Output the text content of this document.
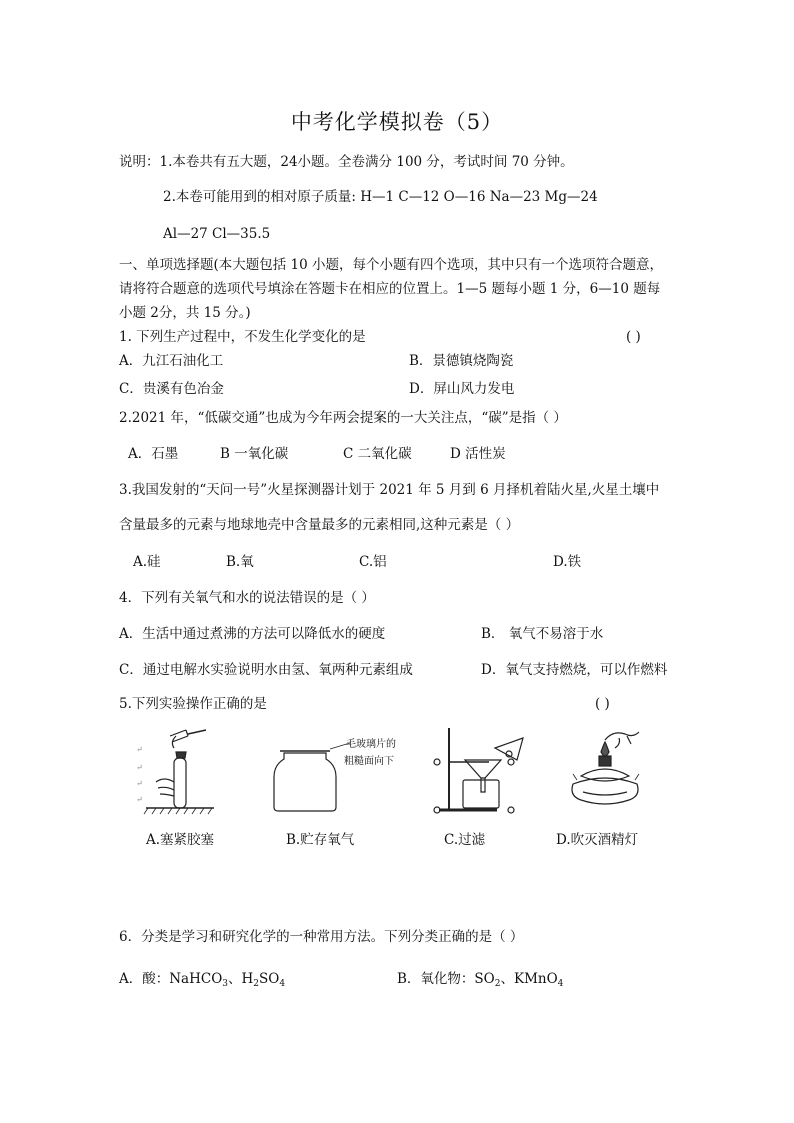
中考化学模拟卷（5）
说明：1.本卷共有五大题，24小题。全卷满分 100 分，考试时间 70 分钟。
2.本卷可能用到的相对原子质量: H—1 C—12 O—16 Na—23 Mg—24
Al—27 Cl—35.5
一、单项选择题(本大题包括 10 小题，每个小题有四个选项，其中只有一个选项符合题意，
请将符合题意的选项代号填涂在答题卡在相应的位置上。1—5 题每小题 1 分，6—10 题每
小题 2分，共 15 分。)
1. 下列生产过程中，不发生化学变化的是	( )
A．九江石油化工	B．景德镇烧陶瓷
C．贵溪有色冶金	D．屏山风力发电
2.2021 年，“低碳交通”也成为今年两会提案的一大关注点，“碳”是指（ ）
A．石墨	B 一氧化碳	C 二氧化碳	D 活性炭
3.我国发射的“天问一号”火星探测器计划于 2021 年 5 月到 6 月择机着陆火星,火星土壤中
含量最多的元素与地球地壳中含量最多的元素相同,这种元素是（ ）
A.硅	B.氧	C.铝	D.铁
4．下列有关氧气和水的说法错误的是（ ）
A．生活中通过煮沸的方法可以降低水的硬度	B． 氧气不易溶于水
C．通过电解水实验说明水由氢、氧两种元素组成	D．氧气支持燃烧，可以作燃料
5.下列实验操作正确的是	( )
↵
↵
↵
↵
A.塞紧胶塞
毛玻璃片的
粗糙面向下
B.贮存氧气	C.过滤	D.吹灭酒精灯
6．分类是学习和研究化学的一种常用方法。下列分类正确的是（ ）
A．酸：NaHCO$_3$、$H_2SO_4$	B．氧化物：$SO_2$、KMnO$_4$
